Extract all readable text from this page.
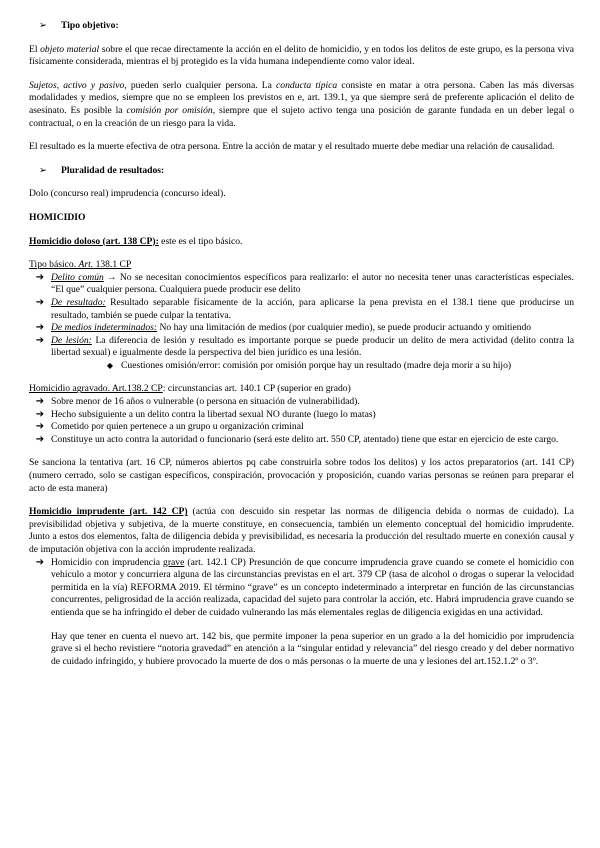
➢	Tipo objetivo:

El objeto material sobre el que recae directamente la acción en el delito de homicidio, y en todos los delitos de este grupo, es la persona viva físicamente considerada, mientras el bj protegido es la vida humana independiente como valor ideal.

Sujetos, activo y pasivo, pueden serlo cualquier persona. La conducta típica consiste en matar a otra persona. Caben las más diversas modalidades y medios, siempre que no se empleen los previstos en e, art. 139.1, ya que siempre será de preferente aplicación el delito de asesinato. Es posible la comisión por omisión, siempre que el sujeto activo tenga una posición de garante fundada en un deber legal o contractual, o en la creación de un riesgo para la vida.

El resultado es la muerte efectiva de otra persona. Entre la acción de matar y el resultado muerte debe mediar una relación de causalidad.

➢	Pluralidad de resultados:

Dolo (concurso real) imprudencia (concurso ideal).

HOMICIDIO

Homicidio doloso (art. 138 CP): este es el tipo básico.

Tipo básico. Art. 138.1 CP

➔ Delito común → No se necesitan conocimientos específicos para realizarlo: el autor no necesita tener unas características especiales. “El que” cualquier persona. Cualquiera puede producir ese delito
➔ De resultado: Resultado separable físicamente de la acción, para aplicarse la pena prevista en el 138.1 tiene que producirse un resultado, también se puede culpar la tentativa.
➔ De medios indeterminados: No hay una limitación de medios (por cualquier medio), se puede producir actuando y omitiendo
➔ De lesión: La diferencia de lesión y resultado es importante porque se puede producir un delito de mera actividad (delito contra la libertad sexual) e igualmente desde la perspectiva del bien jurídico es una lesión.
◆ Cuestiones omisión/error: comisión por omisión porque hay un resultado (madre deja morir a su hijo)

Homicidio agravado. Art.138.2 CP: circunstancias art. 140.1 CP (superior en grado)

➔ Sobre menor de 16 años o vulnerable (o persona en situación de vulnerabilidad).
➔ Hecho subsiguiente a un delito contra la libertad sexual NO durante (luego lo matas)
➔ Cometido por quien pertenece a un grupo u organización criminal
➔ Constituye un acto contra la autoridad o funcionario (será este delito art. 550 CP, atentado) tiene que estar en ejercicio de este cargo.

Se sanciona la tentativa (art. 16 CP, números abiertos pq cabe construirla sobre todos los delitos) y los actos preparatorios (art. 141 CP) (numero cerrado, solo se castigan específicos, conspiración, provocación y proposición, cuando varias personas se reúnen para preparar el acto de esta manera)

Homicidio imprudente (art. 142 CP) (actúa con descuido sin respetar las normas de diligencia debida o normas de cuidado). La previsibilidad objetiva y subjetiva, de la muerte constituye, en consecuencia, también un elemento conceptual del homicidio imprudente. Junto a estos dos elementos, falta de diligencia debida y previsibilidad, es necesaria la producción del resultado muerte en conexión causal y de imputación objetiva con la acción imprudente realizada.

➔ Homicidio con imprudencia grave (art. 142.1 CP) Presunción de que concurre imprudencia grave cuando se comete el homicidio con vehículo a motor y concurriera alguna de las circunstancias previstas en el art. 379 CP (tasa de alcohol o drogas o superar la velocidad permitida en la vía) REFORMA 2019. El término “grave” es un concepto indeterminado a interpretar en función de las circunstancias concurrentes, peligrosidad de la acción realizada, capacidad del sujeto para controlar la acción, etc. Habrá imprudencia grave cuando se entienda que se ha infringido el deber de cuidado vulnerando las más elementales reglas de diligencia exigidas en una actividad.

Hay que tener en cuenta el nuevo art. 142 bis, que permite imponer la pena superior en un grado a la del homicidio por imprudencia grave si el hecho revistiere “notoria gravedad” en atención a la “singular entidad y relevancia” del riesgo creado y del deber normativo de cuidado infringido, y hubiere provocado la muerte de dos o más personas o la muerte de una y lesiones del art.152.1.2º o 3º.
